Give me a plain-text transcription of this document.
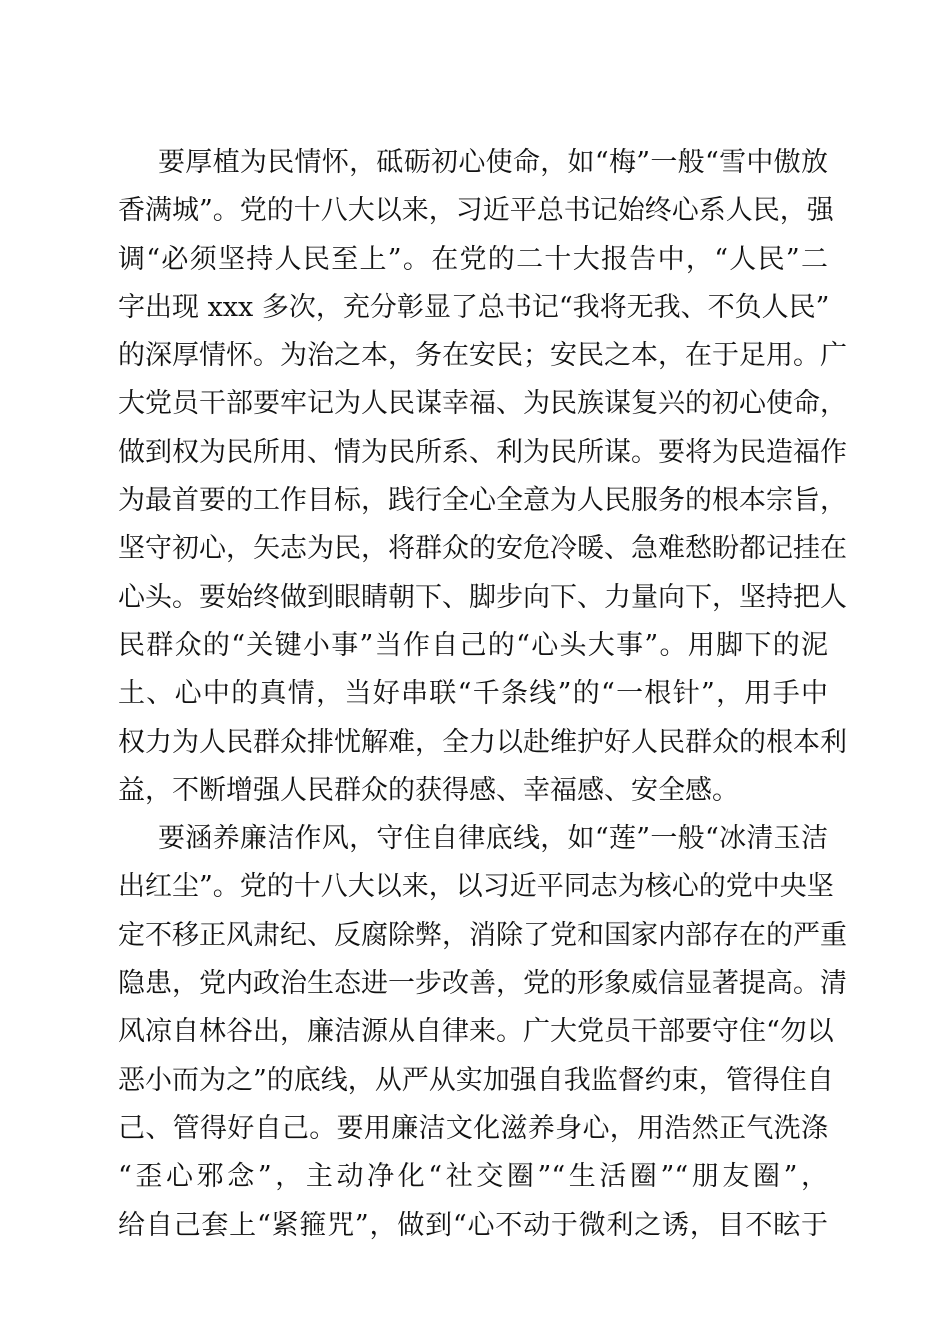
要厚植为民情怀，砥砺初心使命，如“梅”一般“雪中傲放
香满城”。党的十八大以来，习近平总书记始终心系人民，强
调“必须坚持人民至上”。在党的二十大报告中，“人民”二
字出现 xxx 多次，充分彰显了总书记“我将无我、不负人民”
的深厚情怀。为治之本，务在安民；安民之本，在于足用。广
大党员干部要牢记为人民谋幸福、为民族谋复兴的初心使命，
做到权为民所用、情为民所系、利为民所谋。要将为民造福作
为最首要的工作目标，践行全心全意为人民服务的根本宗旨，
坚守初心，矢志为民，将群众的安危冷暖、急难愁盼都记挂在
心头。要始终做到眼睛朝下、脚步向下、力量向下，坚持把人
民群众的“关键小事”当作自己的“心头大事”。用脚下的泥
土、心中的真情，当好串联“千条线”的“一根针”，用手中
权力为人民群众排忧解难，全力以赴维护好人民群众的根本利
益，不断增强人民群众的获得感、幸福感、安全感。
要涵养廉洁作风，守住自律底线，如“莲”一般“冰清玉洁
出红尘”。党的十八大以来，以习近平同志为核心的党中央坚
定不移正风肃纪、反腐除弊，消除了党和国家内部存在的严重
隐患，党内政治生态进一步改善，党的形象威信显著提高。清
风凉自林谷出，廉洁源从自律来。广大党员干部要守住“勿以
恶小而为之”的底线，从严从实加强自我监督约束，管得住自
己、管得好自己。要用廉洁文化滋养身心，用浩然正气洗涤
“歪心邪念”，主动净化“社交圈”“生活圈”“朋友圈”，
给自己套上“紧箍咒”，做到“心不动于微利之诱，目不眩于
